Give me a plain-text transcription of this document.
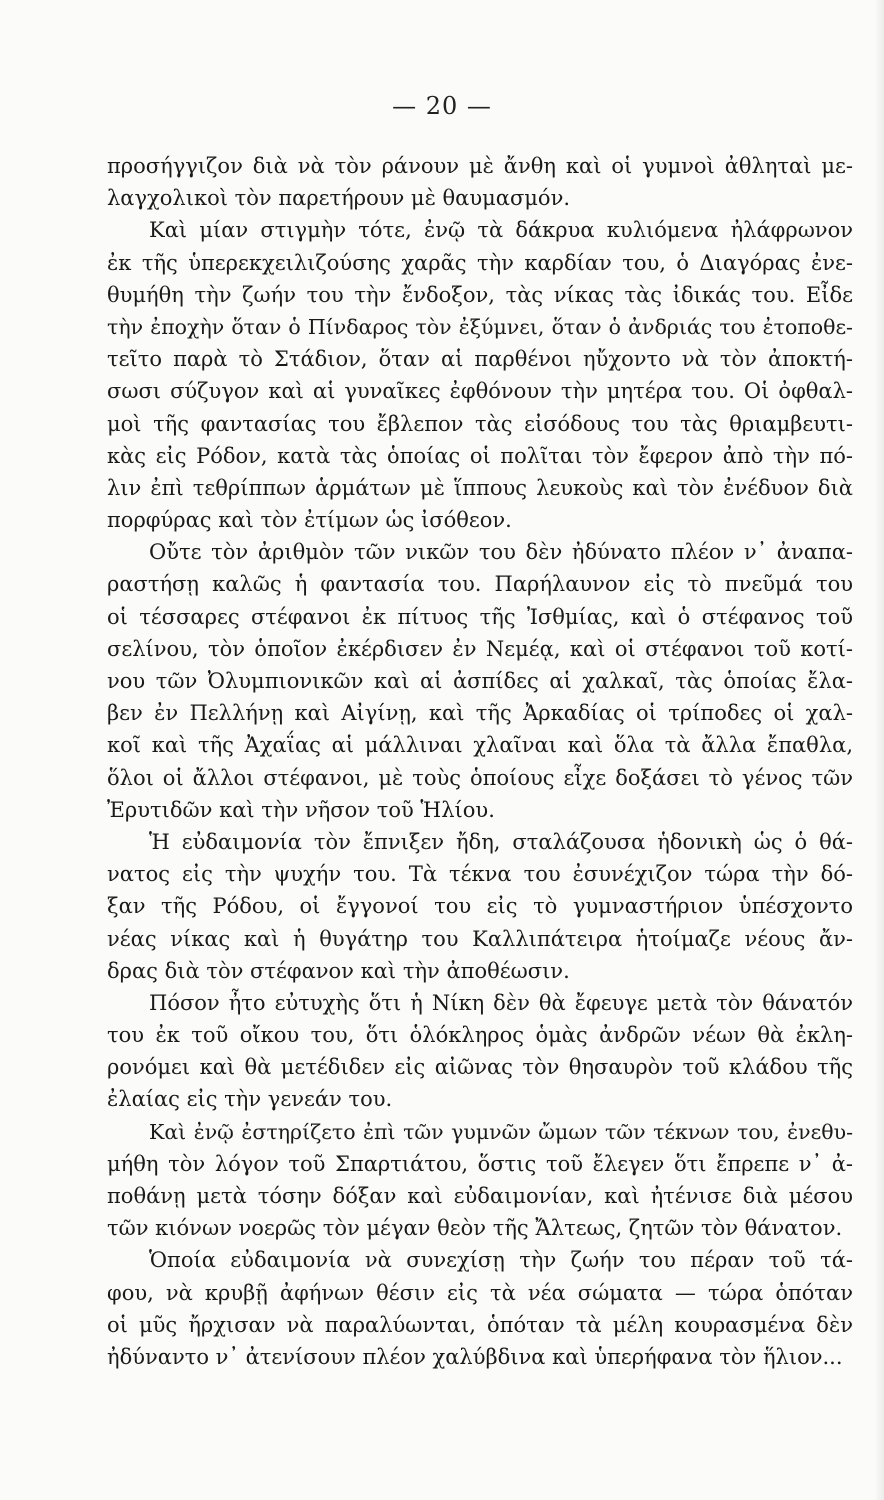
— 20 —
προσήγγιζον διὰ νὰ τὸν ράνουν μὲ ἄνθη καὶ οἱ γυμνοὶ ἀθληταὶ με-
λαγχολικοὶ τὸν παρετήρουν μὲ θαυμασμόν.
Καὶ μίαν στιγμὴν τότε, ἐνῷ τὰ δάκρυα κυλιόμενα ἠλάφρωνον
ἐκ τῆς ὑπερεκχειλιζούσης χαρᾶς τὴν καρδίαν του, ὁ Διαγόρας ἐνε-
θυμήθη τὴν ζωήν του τὴν ἔνδοξον, τὰς νίκας τὰς ἰδικάς του. Εἶδε
τὴν ἐποχὴν ὅταν ὁ Πίνδαρος τὸν ἐξύμνει, ὅταν ὁ ἀνδριάς του ἐτοποθε-
τεῖτο παρὰ τὸ Στάδιον, ὅταν αἱ παρθένοι ηὔχοντο νὰ τὸν ἀποκτή-
σωσι σύζυγον καὶ αἱ γυναῖκες ἐφθόνουν τὴν μητέρα του. Οἱ ὀφθαλ-
μοὶ τῆς φαντασίας του ἔβλεπον τὰς εἰσόδους του τὰς θριαμβευτι-
κὰς εἰς Ρόδον, κατὰ τὰς ὁποίας οἱ πολῖται τὸν ἔφερον ἀπὸ τὴν πό-
λιν ἐπὶ τεθρίππων ἁρμάτων μὲ ἵππους λευκοὺς καὶ τὸν ἐνέδυον διὰ
πορφύρας καὶ τὸν ἐτίμων ὡς ἰσόθεον.
Οὔτε τὸν ἀριθμὸν τῶν νικῶν του δὲν ἠδύνατο πλέον ν᾽ ἀναπα-
ραστήσῃ καλῶς ἡ φαντασία του. Παρήλαυνον εἰς τὸ πνεῦμά του
οἱ τέσσαρες στέφανοι ἐκ πίτυος τῆς Ἰσθμίας, καὶ ὁ στέφανος τοῦ
σελίνου, τὸν ὁποῖον ἐκέρδισεν ἐν Νεμέᾳ, καὶ οἱ στέφανοι τοῦ κοτί-
νου τῶν Ὀλυμπιονικῶν καὶ αἱ ἀσπίδες αἱ χαλκαῖ, τὰς ὁποίας ἔλα-
βεν ἐν Πελλήνῃ καὶ Αἰγίνῃ, καὶ τῆς Ἀρκαδίας οἱ τρίποδες οἱ χαλ-
κοῖ καὶ τῆς Ἀχαΐας αἱ μάλλιναι χλαῖναι καὶ ὅλα τὰ ἄλλα ἔπαθλα,
ὅλοι οἱ ἄλλοι στέφανοι, μὲ τοὺς ὁποίους εἶχε δοξάσει τὸ γένος τῶν
Ἐρυτιδῶν καὶ τὴν νῆσον τοῦ Ἡλίου.
Ἡ εὐδαιμονία τὸν ἔπνιξεν ἤδη, σταλάζουσα ἡδονικὴ ὡς ὁ θά-
νατος εἰς τὴν ψυχήν του. Τὰ τέκνα του ἐσυνέχιζον τώρα τὴν δό-
ξαν τῆς Ρόδου, οἱ ἔγγονοί του εἰς τὸ γυμναστήριον ὑπέσχοντο
νέας νίκας καὶ ἡ θυγάτηρ του Καλλιπάτειρα ἡτοίμαζε νέους ἄν-
δρας διὰ τὸν στέφανον καὶ τὴν ἀποθέωσιν.
Πόσον ἦτο εὐτυχὴς ὅτι ἡ Νίκη δὲν θὰ ἔφευγε μετὰ τὸν θάνατόν
του ἐκ τοῦ οἴκου του, ὅτι ὁλόκληρος ὁμὰς ἀνδρῶν νέων θὰ ἐκλη-
ρονόμει καὶ θὰ μετέδιδεν εἰς αἰῶνας τὸν θησαυρὸν τοῦ κλάδου τῆς
ἐλαίας εἰς τὴν γενεάν του.
Καὶ ἐνῷ ἐστηρίζετο ἐπὶ τῶν γυμνῶν ὤμων τῶν τέκνων του, ἐνεθυ-
μήθη τὸν λόγον τοῦ Σπαρτιάτου, ὅστις τοῦ ἔλεγεν ὅτι ἔπρεπε ν᾽ ἀ-
ποθάνῃ μετὰ τόσην δόξαν καὶ εὐδαιμονίαν, καὶ ἠτένισε διὰ μέσου
τῶν κιόνων νοερῶς τὸν μέγαν θεὸν τῆς Ἄλτεως, ζητῶν τὸν θάνατον.
Ὁποία εὐδαιμονία νὰ συνεχίσῃ τὴν ζωήν του πέραν τοῦ τά-
φου, νὰ κρυβῇ ἀφήνων θέσιν εἰς τὰ νέα σώματα — τώρα ὁπόταν
οἱ μῦς ἤρχισαν νὰ παραλύωνται, ὁπόταν τὰ μέλη κουρασμένα δὲν
ἠδύναντο ν᾽ ἀτενίσουν πλέον χαλύβδινα καὶ ὑπερήφανα τὸν ἥλιον...
